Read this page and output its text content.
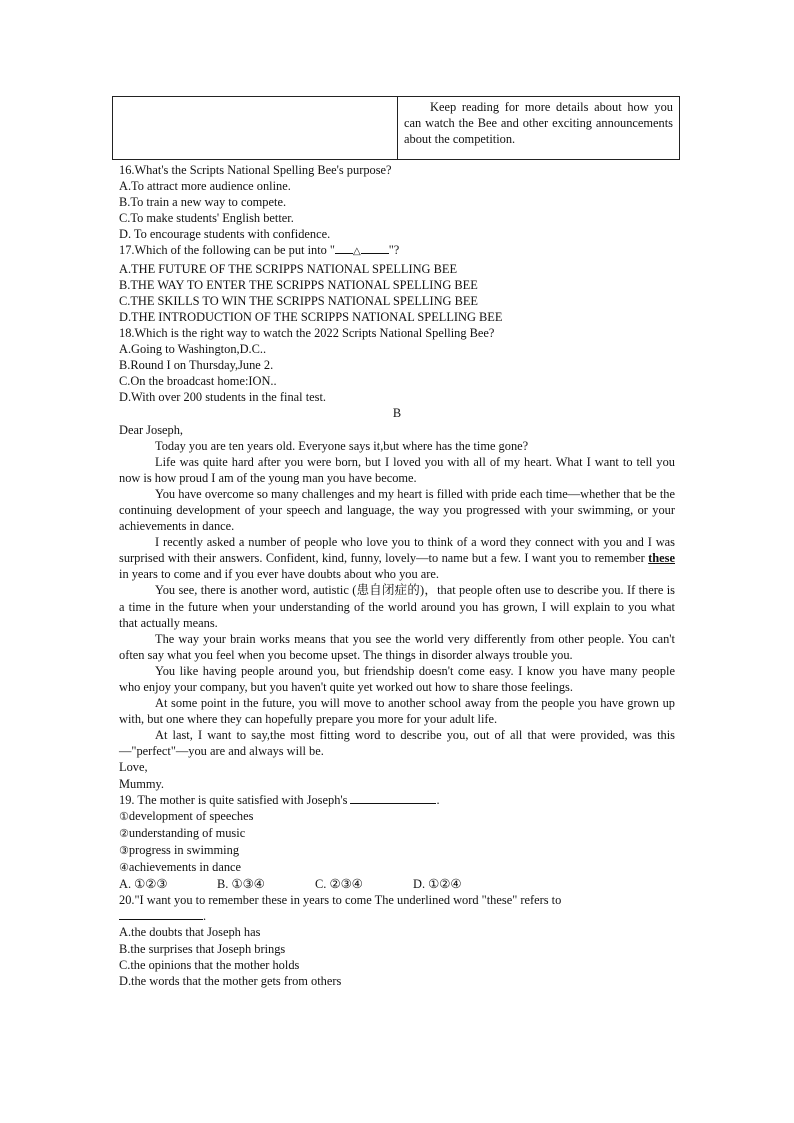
Keep reading for more details about how you can watch the Bee and other exciting announcements about the competition.
16.What's the Scripts National Spelling Bee's purpose?
A.To attract more audience online.
B.To train a new way to compete.
C.To make students' English better.
D. To encourage students with confidence.
17.Which of the following can be put into " △ "?
A.THE FUTURE OF THE SCRIPPS NATIONAL SPELLING BEE
B.THE WAY TO ENTER THE SCRIPPS NATIONAL SPELLING BEE
C.THE SKILLS TO WIN THE SCRIPPS NATIONAL SPELLING BEE
D.THE INTRODUCTION OF THE SCRIPPS NATIONAL SPELLING BEE
18.Which is the right way to watch the 2022 Scripts National Spelling Bee?
A.Going to Washington,D.C..
B.Round I on Thursday,June 2.
C.On the broadcast home:ION..
D.With over 200 students in the final test.
B
Dear Joseph,
Today you are ten years old. Everyone says it,but where has the time gone?
Life was quite hard after you were born, but I loved you with all of my heart. What I want to tell you now is how proud I am of the young man you have become.
You have overcome so many challenges and my heart is filled with pride each time—whether that be the continuing development of your speech and language, the way you progressed with your swimming, or your achievements in dance.
I recently asked a number of people who love you to think of a word they connect with you and I was surprised with their answers. Confident, kind, funny, lovely—to name but a few. I want you to remember these in years to come and if you ever have doubts about who you are.
You see, there is another word, autistic (患自闭症的)，that people often use to describe you. If there is a time in the future when your understanding of the world around you has grown, I will explain to you what that actually means.
The way your brain works means that you see the world very differently from other people. You can't often say what you feel when you become upset. The things in disorder always trouble you.
You like having people around you, but friendship doesn't come easy. I know you have many people who enjoy your company, but you haven't quite yet worked out how to share those feelings.
At some point in the future, you will move to another school away from the people you have grown up with, but one where they can hopefully prepare you more for your adult life.
At last, I want to say,the most fitting word to describe you, out of all that were provided, was this—"perfect"—you are and always will be.
Love,
Mummy.
19. The mother is quite satisfied with Joseph's	.
①development of speeches
②understanding of music
③progress in swimming
④achievements in dance
A. ①②③	B. ①③④	C. ②③④	D. ①②④
20."I want you to remember these in years to come The underlined word "these" refers to
.
A.the doubts that Joseph has
B.the surprises that Joseph brings
C.the opinions that the mother holds
D.the words that the mother gets from others
